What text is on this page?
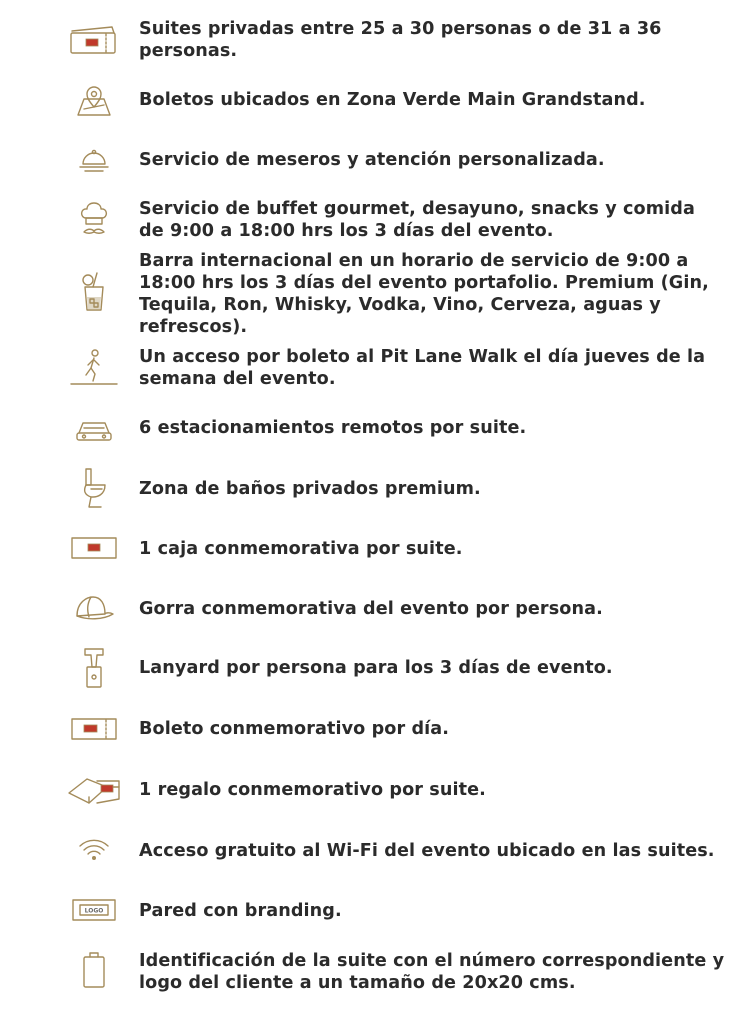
Suites privadas entre 25 a 30 personas o de 31 a 36
personas.
Boletos ubicados en Zona Verde Main Grandstand.
Servicio de meseros y atención personalizada.
Servicio de buffet gourmet, desayuno, snacks y comida
de 9:00 a 18:00 hrs los 3 días del evento.
Barra internacional en un horario de servicio de 9:00 a
18:00 hrs los 3 días del evento portafolio. Premium (Gin,
Tequila, Ron, Whisky, Vodka, Vino, Cerveza, aguas y
refrescos).
Un acceso por boleto al Pit Lane Walk el día jueves de la
semana del evento.
6 estacionamientos remotos por suite.
Zona de baños privados premium.
1 caja conmemorativa por suite.
Gorra conmemorativa del evento por persona.
Lanyard por persona para los 3 días de evento.
Boleto conmemorativo por día.
1 regalo conmemorativo por suite.
Acceso gratuito al Wi-Fi del evento ubicado en las suites.
LOGO Pared con branding.
Identificación de la suite con el número correspondiente y
logo del cliente a un tamaño de 20x20 cms.
